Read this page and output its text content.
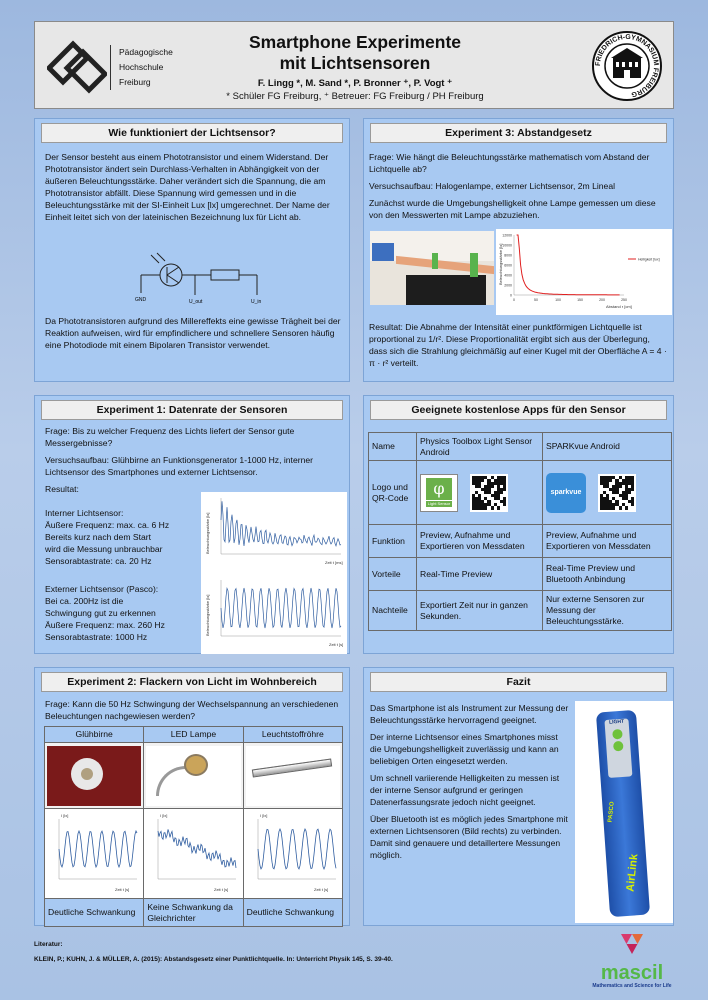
Pädagogische
Hochschule
Freiburg
Smartphone Experimente
mit Lichtsensoren
F. Lingg *, M. Sand *, P. Bronner ⁺, P. Vogt ⁺
* Schüler FG Freiburg, ⁺ Betreuer: FG Freiburg / PH Freiburg
FRIEDRICH-GYMNASIUM FREIBURG
Wie funktioniert der Lichtsensor?
Der Sensor besteht aus einem Phototransistor und einem Widerstand. Der Phototransistor ändert sein Durchlass-Verhalten in Abhängigkeit von der äußeren Beleuchtungsstärke. Daher verändert sich die Spannung, die am Phototransistor abfällt. Diese Spannung wird gemessen und in die Beleuchtungsstärke mit der SI-Einheit Lux [lx] umgerechnet. Der Name der Einheit leitet sich von der lateinischen Bezeichnung lux für Licht ab.
GND	U_out	U_in
Da Phototransistoren aufgrund des Millereffekts eine gewisse Trägheit bei der Reaktion aufweisen, wird für empfindlichere und schnellere Sensoren häufig eine Photodiode mit einem Bipolaren Transistor verwendet.
Experiment 3: Abstandgesetz

Frage: Wie hängt die Beleuchtungsstärke mathematisch vom Abstand der Lichtquelle ab?

Versuchsaufbau: Halogenlampe, externer Lichtsensor, 2m Lineal

Zunächst wurde die Umgebungshelligkeit ohne Lampe gemessen um diese von den Messwerten mit Lampe abzuziehen.

12000
10000
8000
6000
4000
2000
0
0	50	100	150	200	250
Beleuchtungsstärke [lx]
Abstand r [cm]
Helligkeit [lux]
Resultat: Die Abnahme der Intensität einer punktförmigen Lichtquelle ist proportional zu 1/r². Diese Proportionalität ergibt sich aus der Überlegung, dass sich die Strahlung gleichmäßig auf einer Kugel mit der Oberfläche A = 4 · π · r² verteilt.
Experiment 1: Datenrate der Sensoren

Frage: Bis zu welcher Frequenz des Lichts liefert der Sensor gute Messergebnisse?

Versuchsaufbau: Glühbirne an Funktionsgenerator 1-1000 Hz, interner Lichtsensor des Smartphones und externer Lichtsensor.

Resultat:

Interner Lichtsensor:
Äußere Frequenz: max. ca. 6 Hz
Bereits kurz nach dem Start
wird die Messung unbrauchbar
Sensorabtastrate: ca. 20 Hz
Externer Lichtsensor (Pasco):
Bei ca. 200Hz ist die
Schwingung gut zu erkennen
Äußere Frequenz: max. 260 Hz
Sensorabtastrate: 1000 Hz
Beleuchtungsstärke [lx]
Zeit t [ms]
Beleuchtungsstärke [lx]
Zeit t [s]
Geeignete kostenlose Apps für den Sensor
Name	Physics Toolbox Light Sensor Android	SPARKvue Android
Logo und QR-Code	φ
Light Sensor	sparkvue

Funktion	Preview, Aufnahme und Exportieren von Messdaten	Preview, Aufnahme und Exportieren von Messdaten
Vorteile	Real-Time Preview	Real-Time Preview und Bluetooth Anbindung
Nachteile	Exportiert Zeit nur in ganzen Sekunden.	Nur externe Sensoren zur Messung der Beleuchtungsstärke.
Experiment 2: Flackern von Licht im Wohnbereich
Frage: Kann die 50 Hz Schwingung der Wechselspannung an verschiedenen Beleuchtungen nachgewiesen werden?
Glühbirne	LED Lampe	Leuchtstoffröhre

I [lx]
Zeit t [s]	I [lx]
Zeit t [s]	I [lx]
Zeit t [s]

Deutliche Schwankung	Keine Schwankung da Gleichrichter	Deutliche Schwankung
Fazit

Das Smartphone ist als Instrument zur Messung der Beleuchtungsstärke hervorragend geeignet.

Der interne Lichtsensor eines Smartphones misst die Umgebungshelligkeit zuverlässig und kann an beliebigen Orten eingesetzt werden.

Um schnell variierende Helligkeiten zu messen ist der interne Sensor aufgrund er geringen Datenerfassungsrate jedoch nicht geeignet.

Über Bluetooth ist es möglich jedes Smartphone mit externen Lichtsensoren (Bild rechts) zu verbinden. Damit sind genauere und detaillertere Messungen möglich.

LIGHT
PASCO
AirLink
Literatur:
KLEIN, P.; KUHN, J. & MÜLLER, A. (2015): Abstandsgesetz einer Punktlichtquelle. In: Unterricht Physik 145, S. 39-40.
mascil
Mathematics and Science for Life
